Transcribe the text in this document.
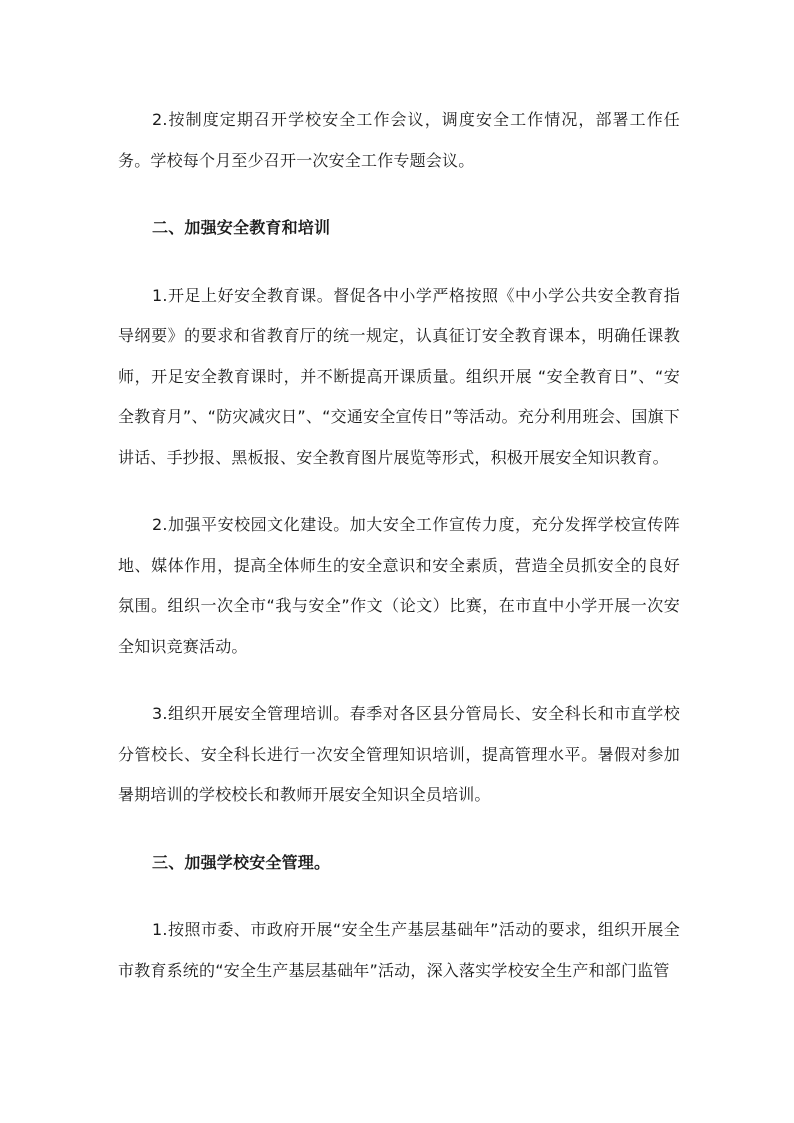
2.按制度定期召开学校安全工作会议，调度安全工作情况，部署工作任务。学校每个月至少召开一次安全工作专题会议。

二、加强安全教育和培训

1.开足上好安全教育课。督促各中小学严格按照《中小学公共安全教育指导纲要》的要求和省教育厅的统一规定，认真征订安全教育课本，明确任课教师，开足安全教育课时，并不断提高开课质量。组织开展 “安全教育日”、“安全教育月”、“防灾减灾日”、“交通安全宣传日”等活动。充分利用班会、国旗下讲话、手抄报、黑板报、安全教育图片展览等形式，积极开展安全知识教育。

2.加强平安校园文化建设。加大安全工作宣传力度，充分发挥学校宣传阵地、媒体作用，提高全体师生的安全意识和安全素质，营造全员抓安全的良好氛围。组织一次全市“我与安全”作文（论文）比赛，在市直中小学开展一次安全知识竞赛活动。

3.组织开展安全管理培训。春季对各区县分管局长、安全科长和市直学校分管校长、安全科长进行一次安全管理知识培训，提高管理水平。暑假对参加暑期培训的学校校长和教师开展安全知识全员培训。

三、加强学校安全管理。

1.按照市委、市政府开展“安全生产基层基础年”活动的要求，组织开展全市教育系统的“安全生产基层基础年”活动，深入落实学校安全生产和部门监管
